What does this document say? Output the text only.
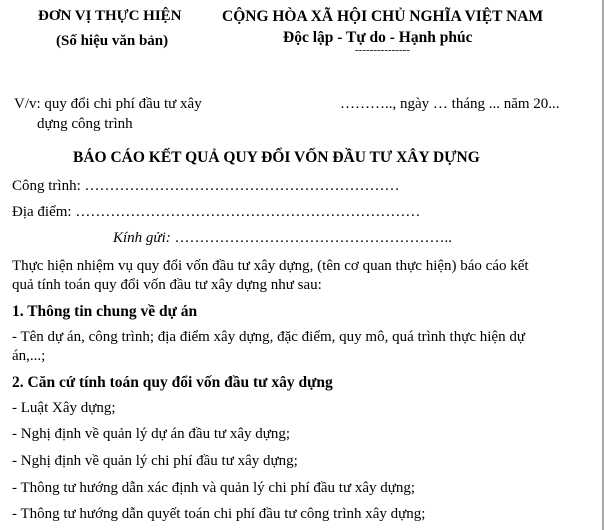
ĐƠN VỊ THỰC HIỆN
(Số hiệu văn bản)
CỘNG HÒA XÃ HỘI CHỦ NGHĨA VIỆT NAM
Độc lập - Tự do - Hạnh phúc
---------------
V/v: quy đổi chi phí đầu tư xây
dựng công trình
……….., ngày … tháng ... năm 20...
BÁO CÁO KẾT QUẢ QUY ĐỔI VỐN ĐẦU TƯ XÂY DỰNG
Công trình: ………………………………………………………
Địa điểm: ……………………………………………………………
Kính gửi: ………………………………………………..
Thực hiện nhiệm vụ quy đổi vốn đầu tư xây dựng, (tên cơ quan thực hiện) báo cáo kết
quả tính toán quy đổi vốn đầu tư xây dựng như sau:
1. Thông tin chung về dự án
- Tên dự án, công trình; địa điểm xây dựng, đặc điểm, quy mô, quá trình thực hiện dự
án,...;
2. Căn cứ tính toán quy đổi vốn đầu tư xây dựng
- Luật Xây dựng;
- Nghị định về quản lý dự án đầu tư xây dựng;
- Nghị định về quản lý chi phí đầu tư xây dựng;
- Thông tư hướng dẫn xác định và quản lý chi phí đầu tư xây dựng;
- Thông tư hướng dẫn quyết toán chi phí đầu tư công trình xây dựng;
